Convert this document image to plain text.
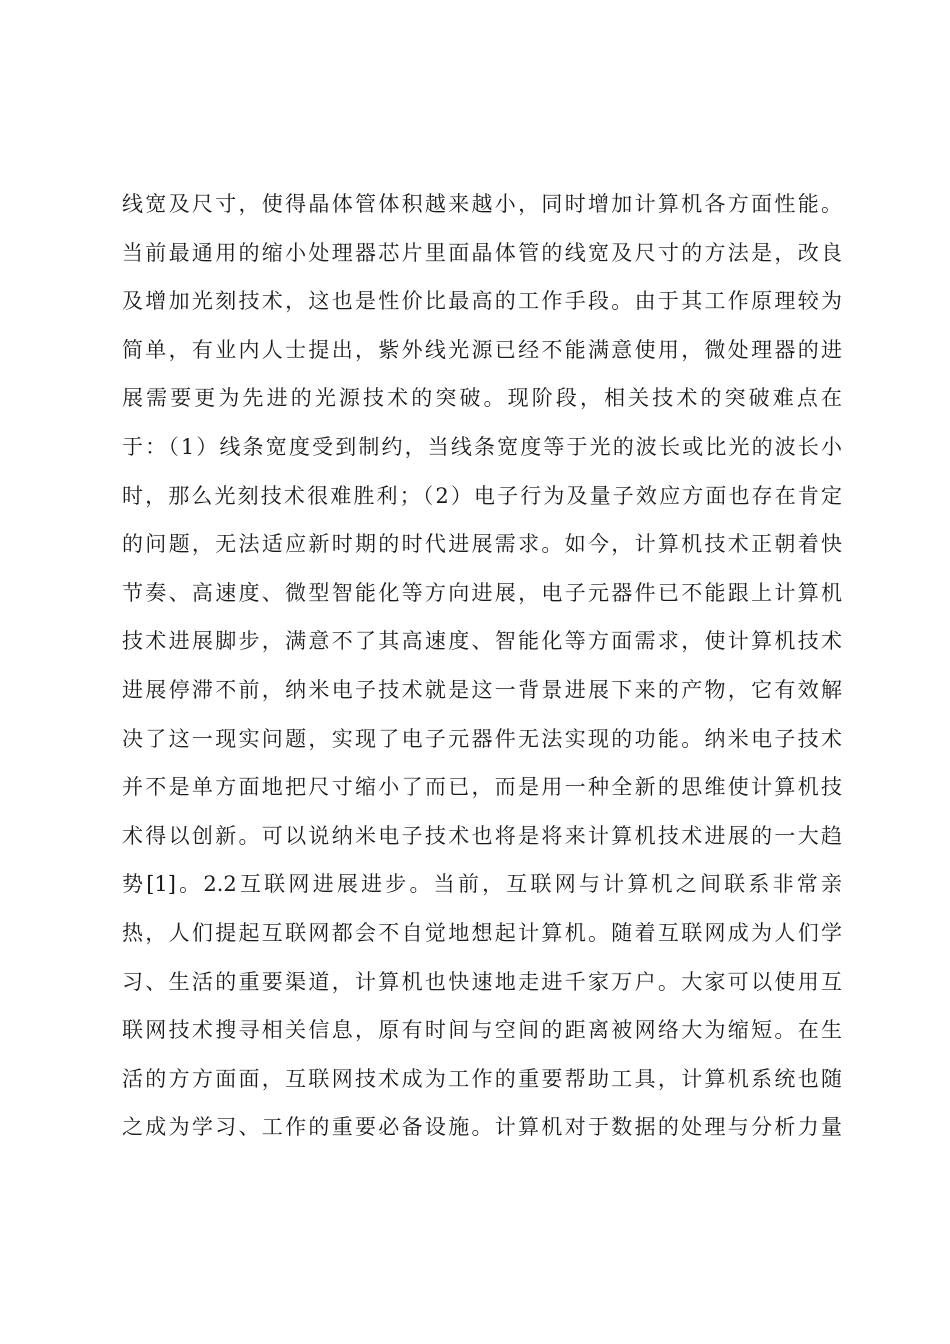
线宽及尺寸，使得晶体管体积越来越小，同时增加计算机各方面性能。
当前最通用的缩小处理器芯片里面晶体管的线宽及尺寸的方法是，改良
及增加光刻技术，这也是性价比最高的工作手段。由于其工作原理较为
简单，有业内人士提出，紫外线光源已经不能满意使用，微处理器的进
展需要更为先进的光源技术的突破。现阶段，相关技术的突破难点在
于：（1）线条宽度受到制约，当线条宽度等于光的波长或比光的波长小
时，那么光刻技术很难胜利；（2）电子行为及量子效应方面也存在肯定
的问题，无法适应新时期的时代进展需求。如今，计算机技术正朝着快
节奏、高速度、微型智能化等方向进展，电子元器件已不能跟上计算机
技术进展脚步，满意不了其高速度、智能化等方面需求，使计算机技术
进展停滞不前，纳米电子技术就是这一背景进展下来的产物，它有效解
决了这一现实问题，实现了电子元器件无法实现的功能。纳米电子技术
并不是单方面地把尺寸缩小了而已，而是用一种全新的思维使计算机技
术得以创新。可以说纳米电子技术也将是将来计算机技术进展的一大趋
势[1]。2.2互联网进展进步。当前，互联网与计算机之间联系非常亲
热，人们提起互联网都会不自觉地想起计算机。随着互联网成为人们学
习、生活的重要渠道，计算机也快速地走进千家万户。大家可以使用互
联网技术搜寻相关信息，原有时间与空间的距离被网络大为缩短。在生
活的方方面面，互联网技术成为工作的重要帮助工具，计算机系统也随
之成为学习、工作的重要必备设施。计算机对于数据的处理与分析力量
